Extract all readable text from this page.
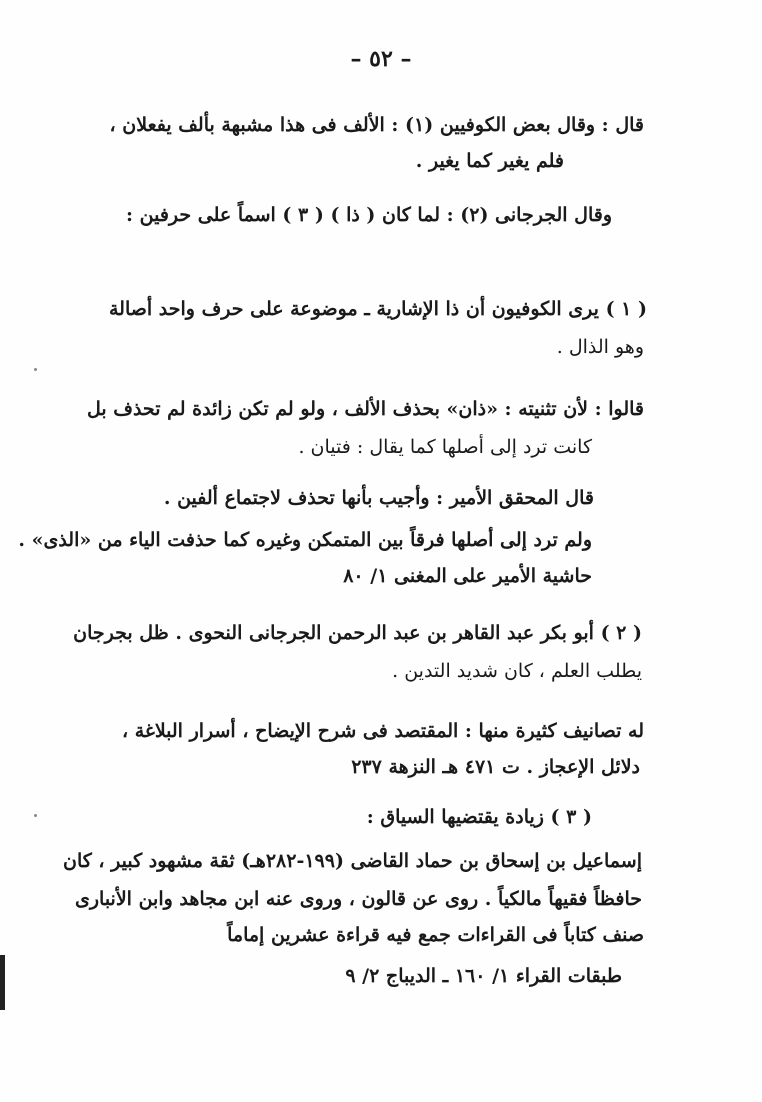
– ٥٢ –
قال : وقال بعض الكوفيين (١) : الألف فى هذا مشبهة بألف يفعلان ،
فلم يغير كما يغير .
وقال الجرجانى (٢) : لما كان ( ذا ) ( ٣ ) اسماً على حرفين :
( ١ ) يرى الكوفيون أن ذا الإشارية ـ موضوعة على حرف واحد أصالة
وهو الذال .
قالوا : لأن تثنيته : «ذان» بحذف الألف ، ولو لم تكن زائدة لم تحذف بل
كانت ترد إلى أصلها كما يقال : فتيان .
قال المحقق الأمير : وأجيب بأنها تحذف لاجتماع ألفين .
ولم ترد إلى أصلها فرقاً بين المتمكن وغيره كما حذفت الياء من «الذى» .
حاشية الأمير على المغنى ١/ ٨٠
( ٢ ) أبو بكر عبد القاهر بن عبد الرحمن الجرجانى النحوى . ظل بجرجان
يطلب العلم ، كان شديد التدين .
له تصانيف كثيرة منها : المقتصد فى شرح الإيضاح ، أسرار البلاغة ،
دلائل الإعجاز . ت ٤٧١ هـ النزهة ٢٣٧
( ٣ ) زيادة يقتضيها السياق :
إسماعيل بن إسحاق بن حماد القاضى (١٩٩-٢٨٢هـ) ثقة مشهود كبير ، كان
حافظاً فقيهاً مالكياً . روى عن قالون ، وروى عنه ابن مجاهد وابن الأنبارى
صنف كتاباً فى القراءات جمع فيه قراءة عشرين إماماً
طبقات القراء ١/ ١٦٠ ـ الديباج ٢/ ٩
